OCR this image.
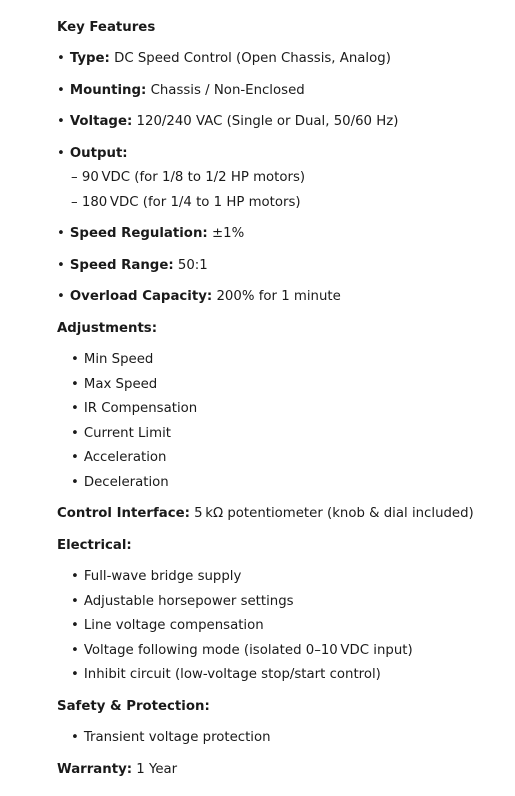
Key Features
• Type: DC Speed Control (Open Chassis, Analog)
• Mounting: Chassis / Non-Enclosed
• Voltage: 120/240 VAC (Single or Dual, 50/60 Hz)
• Output:
– 90 VDC (for 1/8 to 1/2 HP motors)
– 180 VDC (for 1/4 to 1 HP motors)
• Speed Regulation: ±1%
• Speed Range: 50:1
• Overload Capacity: 200% for 1 minute
Adjustments:
• Min Speed
• Max Speed
• IR Compensation
• Current Limit
• Acceleration
• Deceleration
Control Interface: 5 kΩ potentiometer (knob & dial included)
Electrical:
• Full-wave bridge supply
• Adjustable horsepower settings
• Line voltage compensation
• Voltage following mode (isolated 0–10 VDC input)
• Inhibit circuit (low-voltage stop/start control)
Safety & Protection:
• Transient voltage protection
Warranty: 1 Year
